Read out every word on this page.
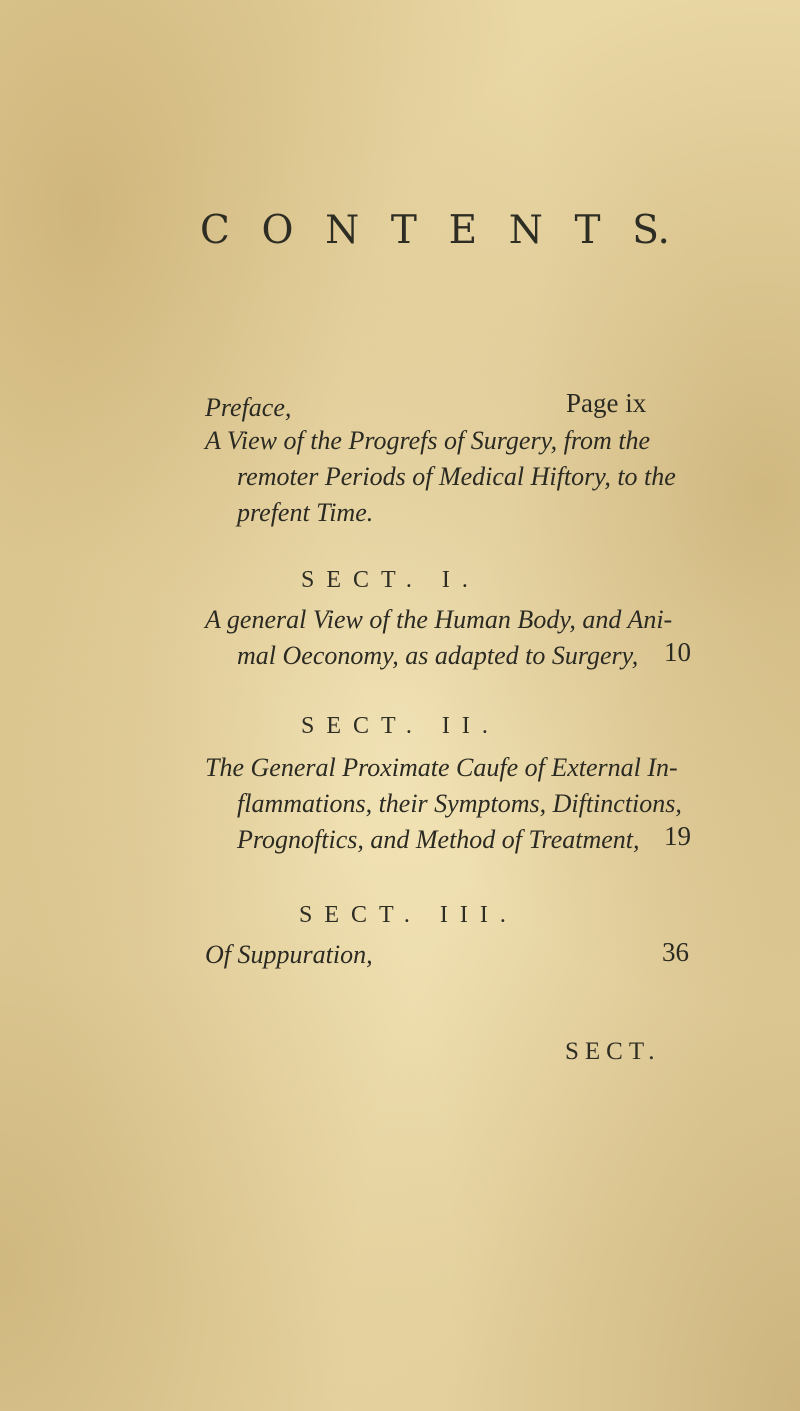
C O N T E N T S.
Preface,	Page ix
A View of the Progrefs of Surgery, from the
remoter Periods of Medical Hiftory, to the
prefent Time.
SECT. I.
A general View of the Human Body, and Ani-
mal Oeconomy, as adapted to Surgery, 10
SECT. II.
The General Proximate Caufe of External In-
flammations, their Symptoms, Diftinctions,
Prognoftics, and Method of Treatment, 19
SECT. III.
Of Suppuration,	36
SECT.
